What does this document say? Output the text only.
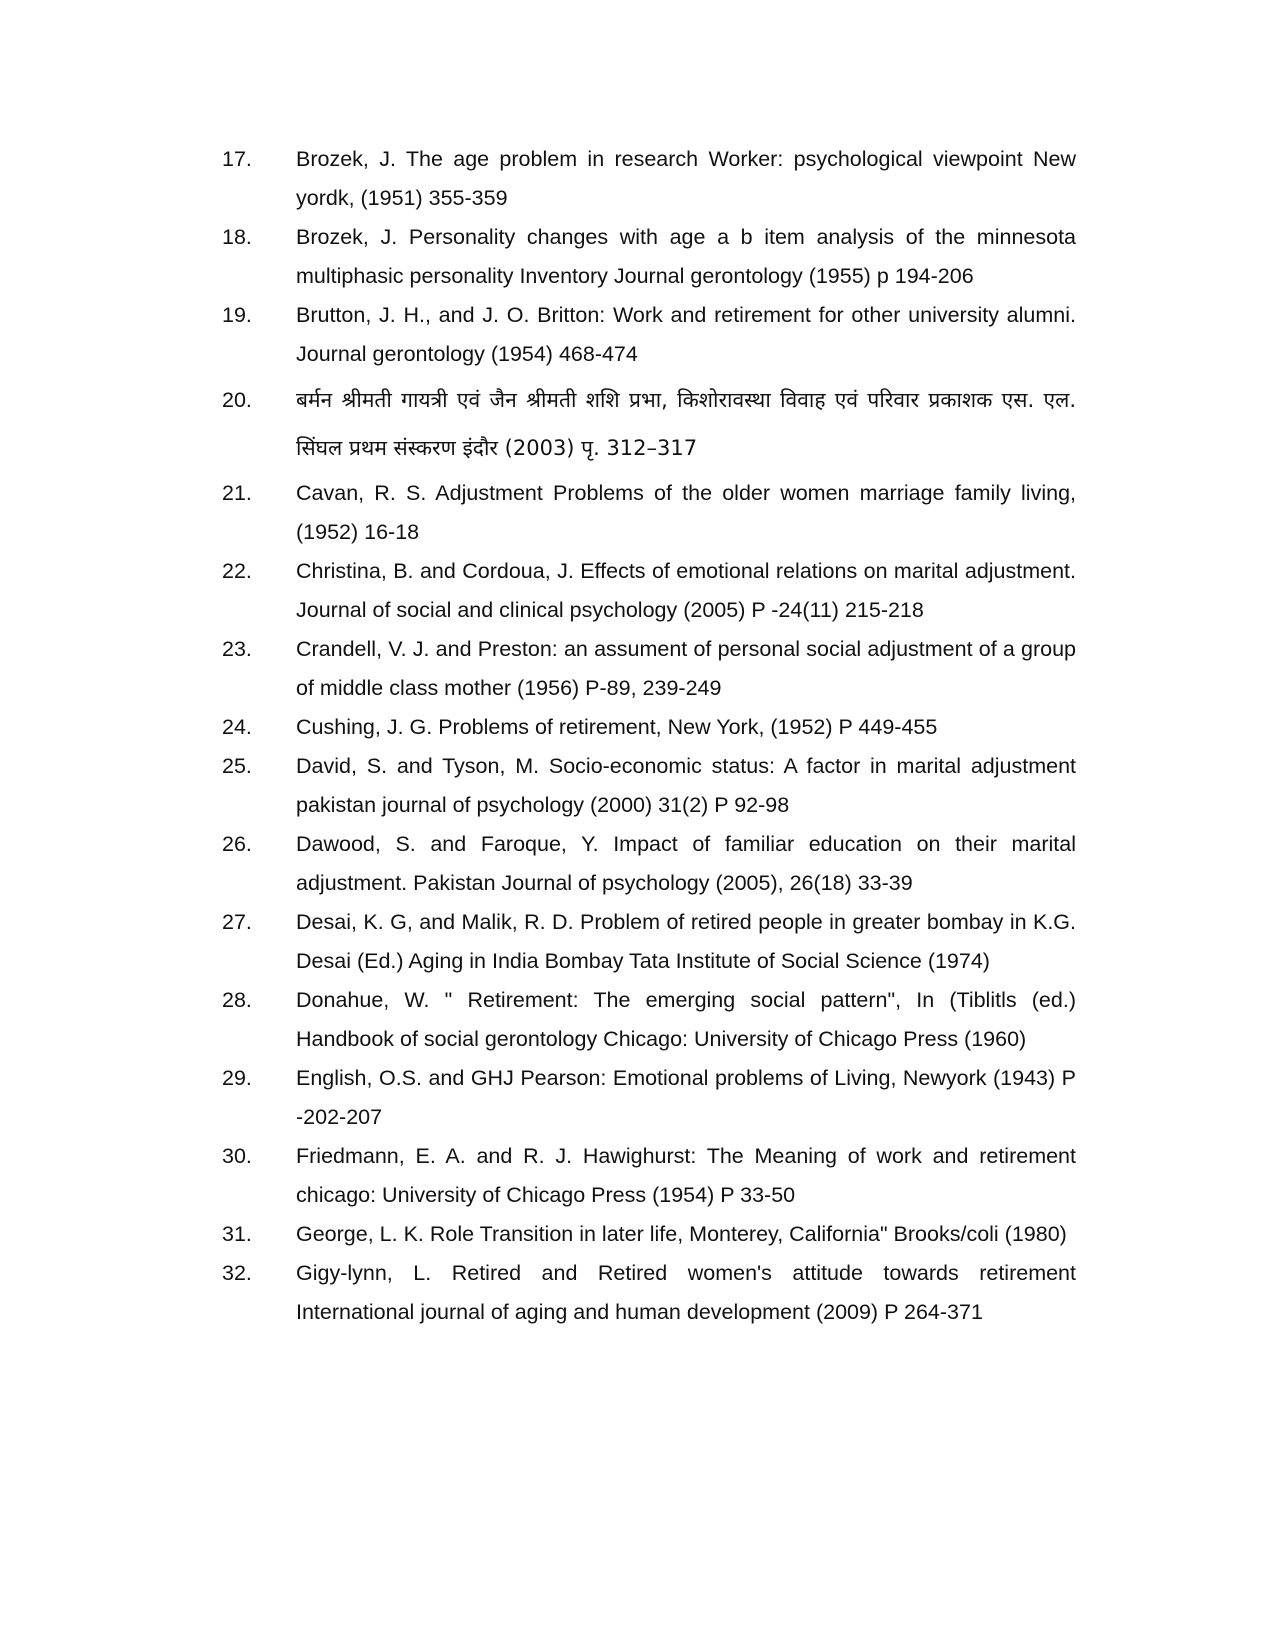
17.	Brozek, J. The age problem in research Worker: psychological viewpoint New yordk, (1951) 355-359
18.	Brozek, J. Personality changes with age a b item analysis of the minnesota multiphasic personality Inventory Journal gerontology (1955) p 194-206
19.	Brutton, J. H., and J. O. Britton: Work and retirement for other university alumni. Journal gerontology (1954) 468-474
20.	बर्मन श्रीमती गायत्री एवं जैन श्रीमती शशि प्रभा, किशोरावस्था विवाह एवं परिवार प्रकाशक एस. एल. सिंघल प्रथम संस्करण इंदौर (2003) पृ. 312–317
21.	Cavan, R. S. Adjustment Problems of the older women marriage family living, (1952) 16-18
22.	Christina, B. and Cordoua, J. Effects of emotional relations on marital adjustment. Journal of social and clinical psychology (2005) P -24(11) 215-218
23.	Crandell, V. J. and Preston: an assument of personal social adjustment of a group of middle class mother (1956) P-89, 239-249
24.	Cushing, J. G. Problems of retirement, New York, (1952) P 449-455
25.	David, S. and Tyson, M. Socio-economic status: A factor in marital adjustment pakistan journal of psychology (2000) 31(2) P 92-98
26.	Dawood, S. and Faroque, Y. Impact of familiar education on their marital adjustment. Pakistan Journal of psychology (2005), 26(18) 33-39
27.	Desai, K. G, and Malik, R. D. Problem of retired people in greater bombay in K.G. Desai (Ed.) Aging in India Bombay Tata Institute of Social Science (1974)
28.	Donahue, W. " Retirement: The emerging social pattern", In (Tiblitls (ed.) Handbook of social gerontology Chicago: University of Chicago Press (1960)
29.	English, O.S. and GHJ Pearson: Emotional problems of Living, Newyork (1943) P -202-207
30.	Friedmann, E. A. and R. J. Hawighurst: The Meaning of work and retirement chicago: University of Chicago Press (1954) P 33-50
31.	George, L. K. Role Transition in later life, Monterey, California" Brooks/coli (1980)
32.	Gigy-lynn, L. Retired and Retired women's attitude towards retirement International journal of aging and human development (2009) P 264-371
